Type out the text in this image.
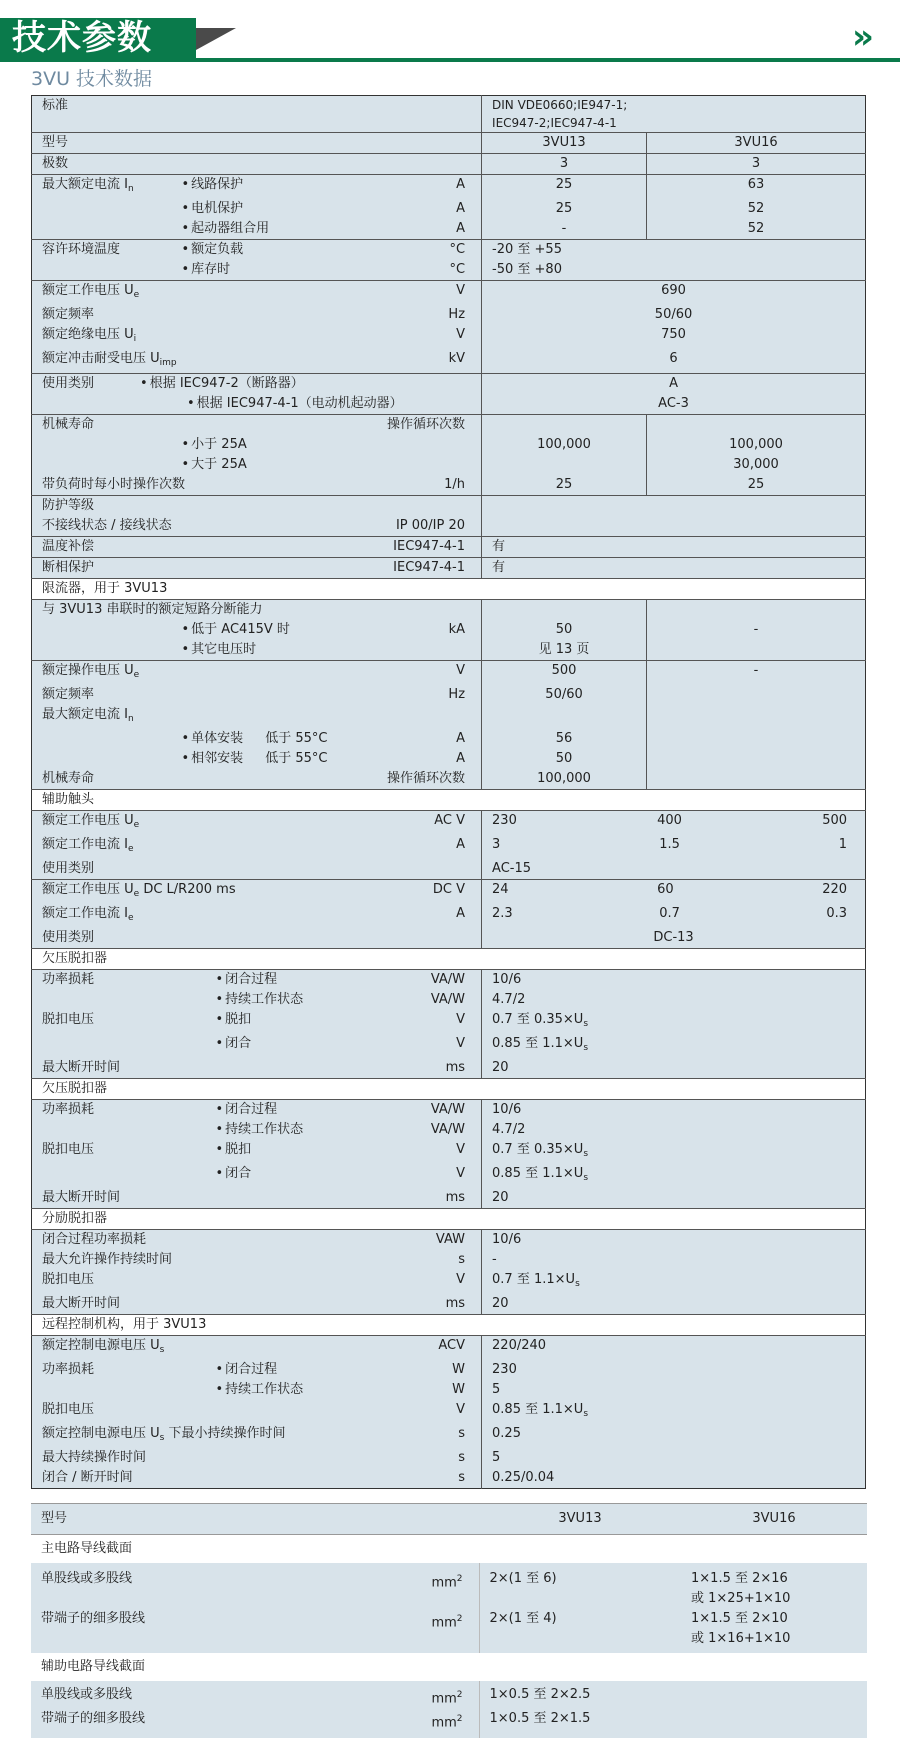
技术参数	»
3VU 技术数据
标准			DIN VDE0660;IE947-1;
IEC947-2;IEC947-4-1	
型号			3VU13	3VU16
极数			3	3
最大额定电流 $I_n$	• 线路保护	A	25	63
	• 电机保护	A	25	52
	• 起动器组合用	A	-	52
容许环境温度	• 额定负载	°C	-20 至 +55	
	• 库存时	°C	-50 至 +80	
额定工作电压 $U_e$		V	690	
额定频率		Hz	50/60	
额定绝缘电压 $U_i$		V	750	
额定冲击耐受电压 $U_{imp}$		kV	6	
使用类别 • 根据 IEC947-2（断路器）			A	
• 根据 IEC947-4-1（电动机起动器）			AC-3	
机械寿命		操作循环次数		
	• 小于 25A		100,000	100,000
	• 大于 25A			30,000
带负荷时每小时操作次数		1/h	25	25
防护等级				
不接线状态 / 接线状态		IP 00/IP 20		
温度补偿		IEC947-4-1	有	
断相保护		IEC947-4-1	有	
限流器，用于 3VU13				
与 3VU13 串联时的额定短路分断能力				
	• 低于 AC415V 时	kA	50	-
	• 其它电压时		见 13 页	
额定操作电压 $U_e$		V	500	-
额定频率		Hz	50/60	
最大额定电流 $I_n$			
	• 单体安装 低于 55°C	A	56	
	• 相邻安装 低于 55°C	A	50	
机械寿命		操作循环次数	100,000	
辅助触头				
额定工作电压 $U_e$		AC V	230 400 500	

额定工作电流 $I_e$		A	3 1.5 1	

使用类别			AC-15	
额定工作电压 $U_e$ DC L/R200 ms		DC V	24 60 220	

额定工作电流 $I_e$		A	2.3 0.7 0.3	

使用类别			DC-13	
欠压脱扣器				
功率损耗	• 闭合过程	VA/W	10/6	
	• 持续工作状态	VA/W	4.7/2	
脱扣电压	• 脱扣	V	0.7 至 $0.35\times U_s$
	• 闭合	V	0.85 至 $1.1\times U_s$
最大断开时间		ms	20	
欠压脱扣器				
功率损耗	• 闭合过程	VA/W	10/6	
	• 持续工作状态	VA/W	4.7/2	
脱扣电压	• 脱扣	V	0.7 至 $0.35\times U_s$
	• 闭合	V	0.85 至 $1.1\times U_s$
最大断开时间		ms	20	
分励脱扣器				
闭合过程功率损耗		VAW	10/6	
最大允许操作持续时间		s	-	
脱扣电压		V	0.7 至 $1.1\times U_s$
最大断开时间		ms	20	
远程控制机构，用于 3VU13				
额定控制电源电压 $U_s$		ACV	220/240	
功率损耗	• 闭合过程	W	230	
	• 持续工作状态	W	5	
脱扣电压		V	0.85 至 $1.1\times U_s$
额定控制电源电压 $U_s$ 下最小持续操作时间		s	0.25	
最大持续操作时间		s	5	
闭合 / 断开时间		s	0.25/0.04	
型号		3VU13	3VU16
主电路导线截面			
单股线或多股线	$mm^2$	2×(1 至 6)	1×1.5 至 2×16
或 1×25+1×10
带端子的细多股线	$mm^2$	2×(1 至 4)	1×1.5 至 2×10
或 1×16+1×10
辅助电路导线截面			
单股线或多股线	$mm^2$	1×0.5 至 2×2.5	
带端子的细多股线	$mm^2$	1×0.5 至 2×1.5	
